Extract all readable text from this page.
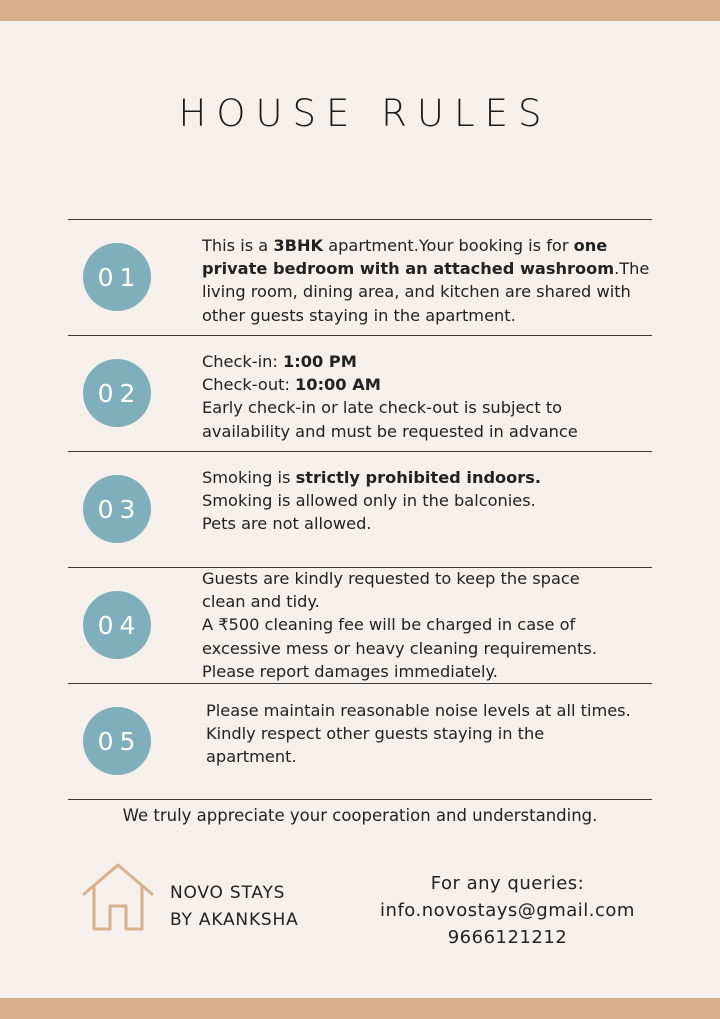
HOUSE RULES
01
This is a 3BHK apartment.Your booking is for one
private bedroom with an attached washroom.The
living room, dining area, and kitchen are shared with
other guests staying in the apartment.
02
Check-in: 1:00 PM
Check-out: 10:00 AM
Early check-in or late check-out is subject to
availability and must be requested in advance
03
Smoking is strictly prohibited indoors.
Smoking is allowed only in the balconies.
Pets are not allowed.
04
Guests are kindly requested to keep the space
clean and tidy.
A ₹500 cleaning fee will be charged in case of
excessive mess or heavy cleaning requirements.
Please report damages immediately.
05
Please maintain reasonable noise levels at all times.
Kindly respect other guests staying in the
apartment.
We truly appreciate your cooperation and understanding.
NOVO STAYS
BY AKANKSHA
For any queries:
info.novostays@gmail.com
9666121212
